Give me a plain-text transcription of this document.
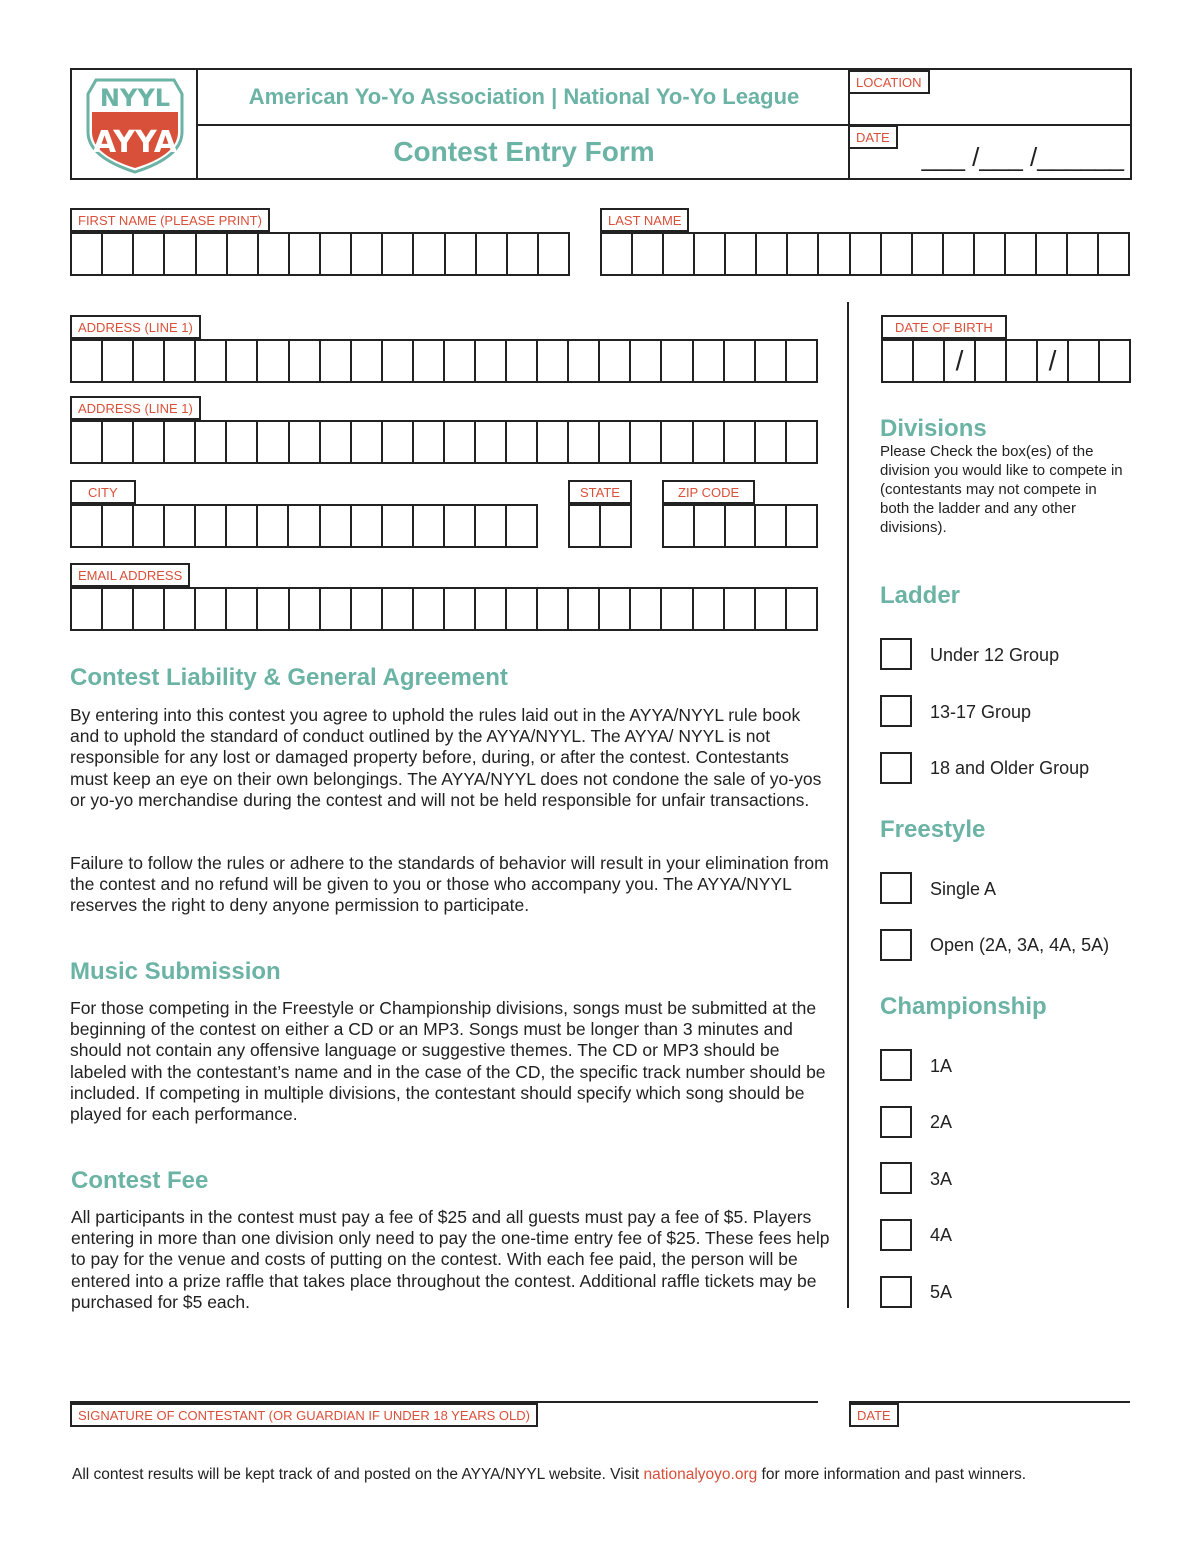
NYYL
AYYA
American Yo-Yo Association | National Yo-Yo League
Contest Entry Form
LOCATION
DATE
___ /___ /______
FIRST NAME (PLEASE PRINT)	LAST NAME
ADDRESS (LINE 1)
ADDRESS (LINE 1)
CITY	STATE	ZIP CODE
EMAIL ADDRESS
DATE OF BIRTH
/
/
Contest Liability & General Agreement
By entering into this contest you agree to uphold the rules laid out in the AYYA/NYYL rule book and to uphold the standard of conduct outlined by the AYYA/NYYL. The AYYA/ NYYL is not responsible for any lost or damaged property before, during, or after the contest. Contestants must keep an eye on their own belongings. The AYYA/NYYL does not condone the sale of yo-yos or yo-yo merchandise during the contest and will not be held responsible for unfair transactions.
Failure to follow the rules or adhere to the standards of behavior will result in your elimination from the contest and no refund will be given to you or those who accompany you. The AYYA/NYYL reserves the right to deny anyone permission to participate.
Music Submission
For those competing in the Freestyle or Championship divisions, songs must be submitted at the beginning of the contest on either a CD or an MP3. Songs must be longer than 3 minutes and should not contain any offensive language or suggestive themes. The CD or MP3 should be labeled with the contestant’s name and in the case of the CD, the specific track number should be included. If competing in multiple divisions, the contestant should specify which song should be played for each performance.
Contest Fee
All participants in the contest must pay a fee of $25 and all guests must pay a fee of $5. Players entering in more than one division only need to pay the one-time entry fee of $25. These fees help to pay for the venue and costs of putting on the contest. With each fee paid, the person will be entered into a prize raffle that takes place throughout the contest. Additional raffle tickets may be purchased for $5 each.
Divisions
Please Check the box(es) of the division you would like to compete in (contestants may not compete in both the ladder and any other divisions).
Ladder
Under 12 Group
13-17 Group
18 and Older Group
Freestyle
Single A
Open (2A, 3A, 4A, 5A)
Championship
1A
2A
3A
4A
5A
SIGNATURE OF CONTESTANT (OR GUARDIAN IF UNDER 18 YEARS OLD)	DATE
All contest results will be kept track of and posted on the AYYA/NYYL website. Visit nationalyoyo.org for more information and past winners.
